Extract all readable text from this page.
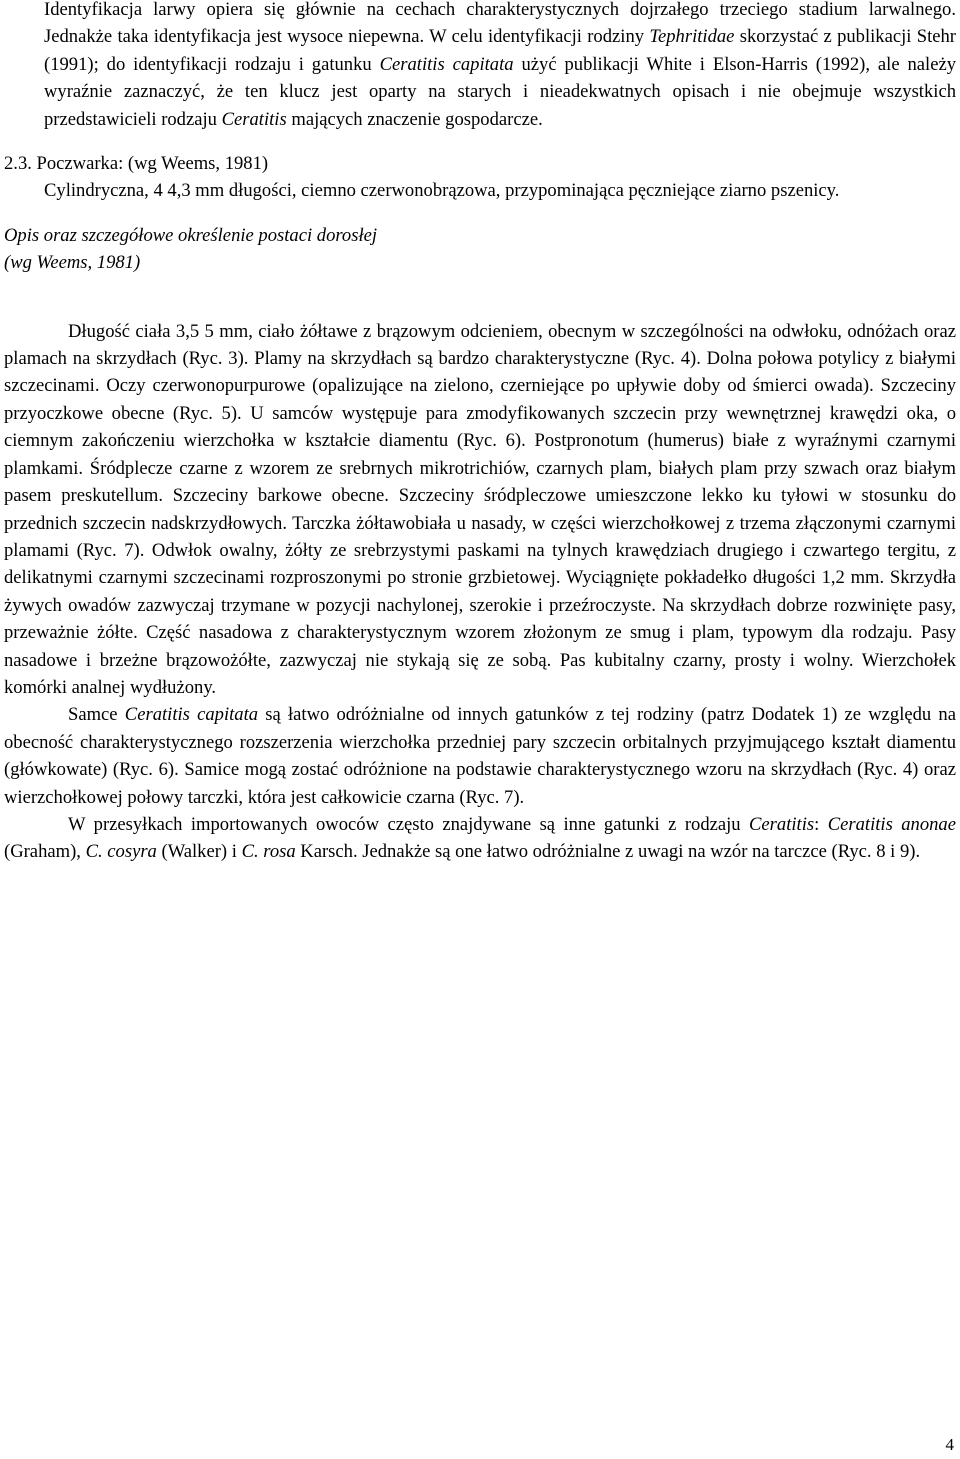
Identyfikacja larwy opiera się głównie na cechach charakterystycznych dojrzałego trzeciego stadium larwalnego. Jednakże taka identyfikacja jest wysoce niepewna. W celu identyfikacji rodziny Tephritidae skorzystać z publikacji Stehr (1991); do identyfikacji rodzaju i gatunku Ceratitis capitata użyć publikacji White i Elson-Harris (1992), ale należy wyraźnie zaznaczyć, że ten klucz jest oparty na starych i nieadekwatnych opisach i nie obejmuje wszystkich przedstawicieli rodzaju Ceratitis mających znaczenie gospodarcze.

2.3. Poczwarka: (wg Weems, 1981)

Cylindryczna, 4 4,3 mm długości, ciemno czerwonobrązowa, przypominająca pęczniejące ziarno pszenicy.

Opis oraz szczegółowe określenie postaci dorosłej

(wg Weems, 1981)

Długość ciała 3,5 5 mm, ciało żółtawe z brązowym odcieniem, obecnym w szczególności na odwłoku, odnóżach oraz plamach na skrzydłach (Ryc. 3). Plamy na skrzydłach są bardzo charakterystyczne (Ryc. 4). Dolna połowa potylicy z białymi szczecinami. Oczy czerwonopurpurowe (opalizujące na zielono, czerniejące po upływie doby od śmierci owada). Szczeciny przyoczkowe obecne (Ryc. 5). U samców występuje para zmodyfikowanych szczecin przy wewnętrznej krawędzi oka, o ciemnym zakończeniu wierzchołka w kształcie diamentu (Ryc. 6). Postpronotum (humerus) białe z wyraźnymi czarnymi plamkami. Śródplecze czarne z wzorem ze srebrnych mikrotrichiów, czarnych plam, białych plam przy szwach oraz białym pasem preskutellum. Szczeciny barkowe obecne. Szczeciny śródpleczowe umieszczone lekko ku tyłowi w stosunku do przednich szczecin nadskrzydłowych. Tarczka żółtawobiała u nasady, w części wierzchołkowej z trzema złączonymi czarnymi plamami (Ryc. 7). Odwłok owalny, żółty ze srebrzystymi paskami na tylnych krawędziach drugiego i czwartego tergitu, z delikatnymi czarnymi szczecinami rozproszonymi po stronie grzbietowej. Wyciągnięte pokładełko długości 1,2 mm. Skrzydła żywych owadów zazwyczaj trzymane w pozycji nachylonej, szerokie i przeźroczyste. Na skrzydłach dobrze rozwinięte pasy, przeważnie żółte. Część nasadowa z charakterystycznym wzorem złożonym ze smug i plam, typowym dla rodzaju. Pasy nasadowe i brzeżne brązowożółte, zazwyczaj nie stykają się ze sobą. Pas kubitalny czarny, prosty i wolny. Wierzchołek komórki analnej wydłużony.

Samce Ceratitis capitata są łatwo odróżnialne od innych gatunków z tej rodziny (patrz Dodatek 1) ze względu na obecność charakterystycznego rozszerzenia wierzchołka przedniej pary szczecin orbitalnych przyjmującego kształt diamentu (główkowate) (Ryc. 6). Samice mogą zostać odróżnione na podstawie charakterystycznego wzoru na skrzydłach (Ryc. 4) oraz wierzchołkowej połowy tarczki, która jest całkowicie czarna (Ryc. 7).

W przesyłkach importowanych owoców często znajdywane są inne gatunki z rodzaju Ceratitis: Ceratitis anonae (Graham), C. cosyra (Walker) i C. rosa Karsch. Jednakże są one łatwo odróżnialne z uwagi na wzór na tarczce (Ryc. 8 i 9).

4
